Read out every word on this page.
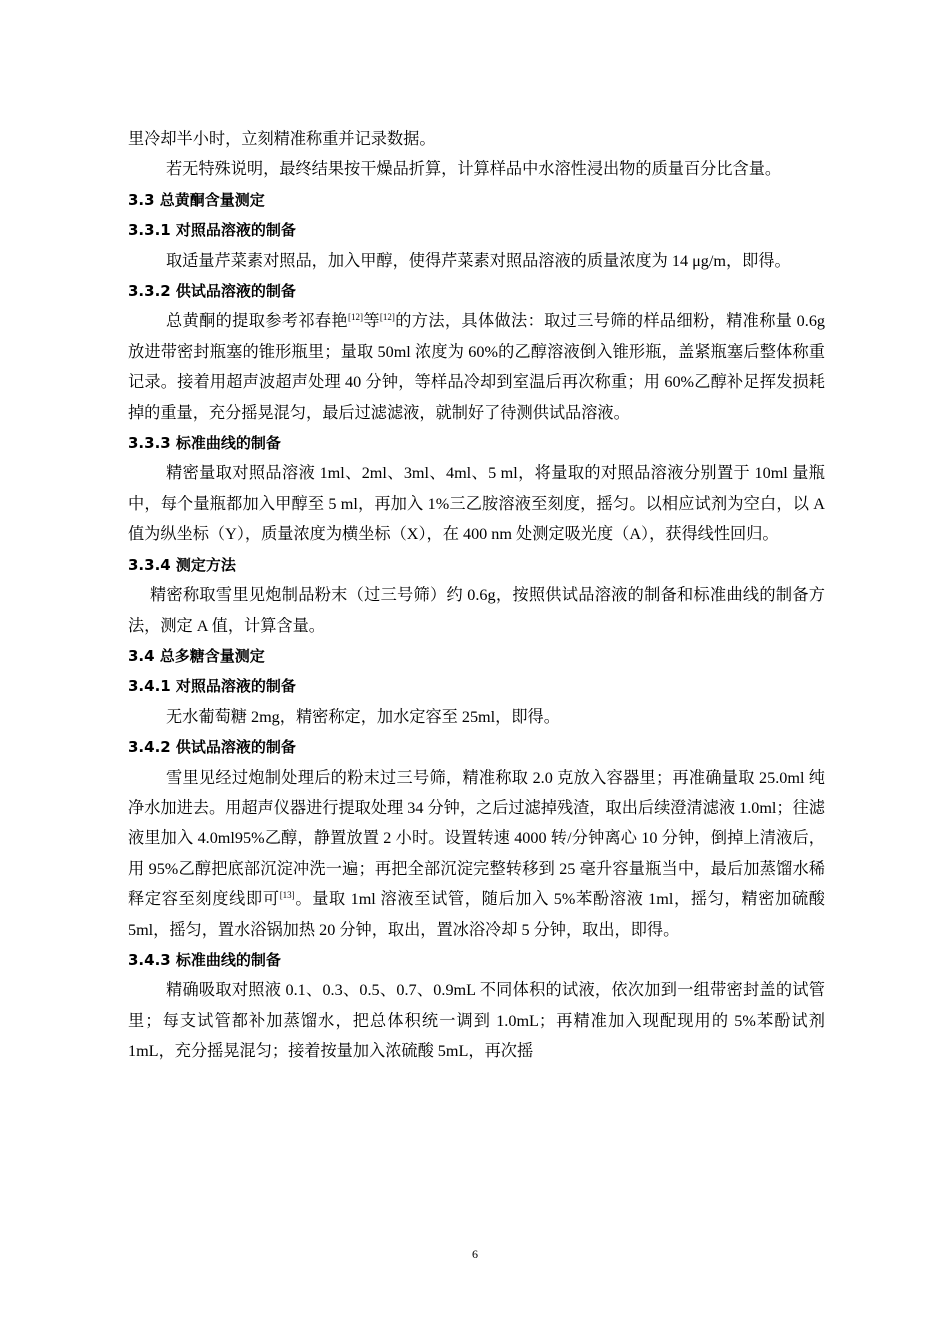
里冷却半小时，立刻精准称重并记录数据。

若无特殊说明，最终结果按干燥品折算，计算样品中水溶性浸出物的质量百分比含量。

3.3 总黄酮含量测定

3.3.1 对照品溶液的制备

取适量芹菜素对照品，加入甲醇，使得芹菜素对照品溶液的质量浓度为 14 μg/m，即得。

3.3.2 供试品溶液的制备

总黄酮的提取参考祁春艳[12]等[12]的方法，具体做法：取过三号筛的样品细粉，精准称量 0.6g 放进带密封瓶塞的锥形瓶里；量取 50ml 浓度为 60%的乙醇溶液倒入锥形瓶，盖紧瓶塞后整体称重记录。接着用超声波超声处理 40 分钟，等样品冷却到室温后再次称重；用 60%乙醇补足挥发损耗掉的重量，充分摇晃混匀，最后过滤滤液，就制好了待测供试品溶液。

3.3.3 标准曲线的制备

精密量取对照品溶液 1ml、2ml、3ml、4ml、5 ml，将量取的对照品溶液分别置于 10ml 量瓶中，每个量瓶都加入甲醇至 5 ml，再加入 1%三乙胺溶液至刻度，摇匀。以相应试剂为空白，以 A 值为纵坐标（Y），质量浓度为横坐标（X），在 400 nm 处测定吸光度（A），获得线性回归。

3.3.4 测定方法

精密称取雪里见炮制品粉末（过三号筛）约 0.6g，按照供试品溶液的制备和标准曲线的制备方法，测定 A 值，计算含量。

3.4 总多糖含量测定

3.4.1 对照品溶液的制备

无水葡萄糖 2mg，精密称定，加水定容至 25ml，即得。

3.4.2 供试品溶液的制备

雪里见经过炮制处理后的粉末过三号筛，精准称取 2.0 克放入容器里；再准确量取 25.0ml 纯净水加进去。用超声仪器进行提取处理 34 分钟，之后过滤掉残渣，取出后续澄清滤液 1.0ml；往滤液里加入 4.0ml95%乙醇，静置放置 2 小时。设置转速 4000 转/分钟离心 10 分钟，倒掉上清液后，用 95%乙醇把底部沉淀冲洗一遍；再把全部沉淀完整转移到 25 毫升容量瓶当中，最后加蒸馏水稀释定容至刻度线即可[13]。量取 1ml 溶液至试管，随后加入 5%苯酚溶液 1ml，摇匀，精密加硫酸 5ml，摇匀，置水浴锅加热 20 分钟，取出，置冰浴冷却 5 分钟，取出，即得。

3.4.3 标准曲线的制备

精确吸取对照液 0.1、0.3、0.5、0.7、0.9mL 不同体积的试液，依次加到一组带密封盖的试管里；每支试管都补加蒸馏水，把总体积统一调到 1.0mL；再精准加入现配现用的 5%苯酚试剂 1mL，充分摇晃混匀；接着按量加入浓硫酸 5mL，再次摇

6
